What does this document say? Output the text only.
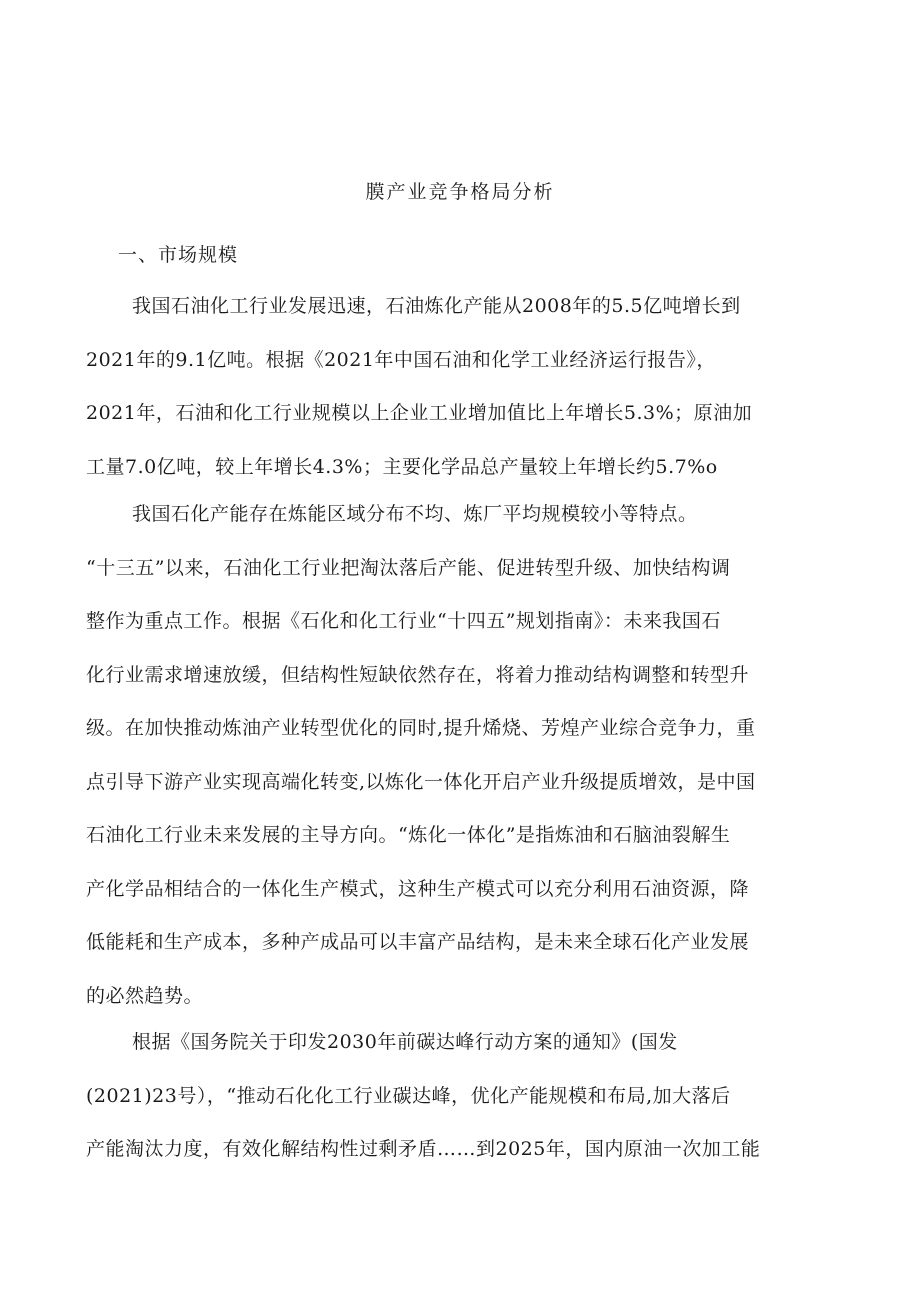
膜产业竞争格局分析
一、市场规模
我国石油化工行业发展迅速，石油炼化产能从2008年的5.5亿吨增长到
2021年的9.1亿吨。根据《2021年中国石油和化学工业经济运行报告》，
2021年，石油和化工行业规模以上企业工业增加值比上年增长5.3%；原油加
工量7.0亿吨，较上年增长4.3%；主要化学品总产量较上年增长约5.7%o
我国石化产能存在炼能区域分布不均、炼厂平均规模较小等特点。
“十三五”以来，石油化工行业把淘汰落后产能、促进转型升级、加快结构调
整作为重点工作。根据《石化和化工行业“十四五”规划指南》：未来我国石
化行业需求增速放缓，但结构性短缺依然存在，将着力推动结构调整和转型升
级。在加快推动炼油产业转型优化的同时,提升烯烧、芳煌产业综合竞争力，重
点引导下游产业实现高端化转变,以炼化一体化开启产业升级提质增效，是中国
石油化工行业未来发展的主导方向。“炼化一体化”是指炼油和石脑油裂解生
产化学品相结合的一体化生产模式，这种生产模式可以充分利用石油资源，降
低能耗和生产成本，多种产成品可以丰富产品结构，是未来全球石化产业发展
的必然趋势。
根据《国务院关于印发2030年前碳达峰行动方案的通知》(国发
(2021)23号），“推动石化化工行业碳达峰，优化产能规模和布局,加大落后
产能淘汰力度，有效化解结构性过剩矛盾……到2025年，国内原油一次加工能
